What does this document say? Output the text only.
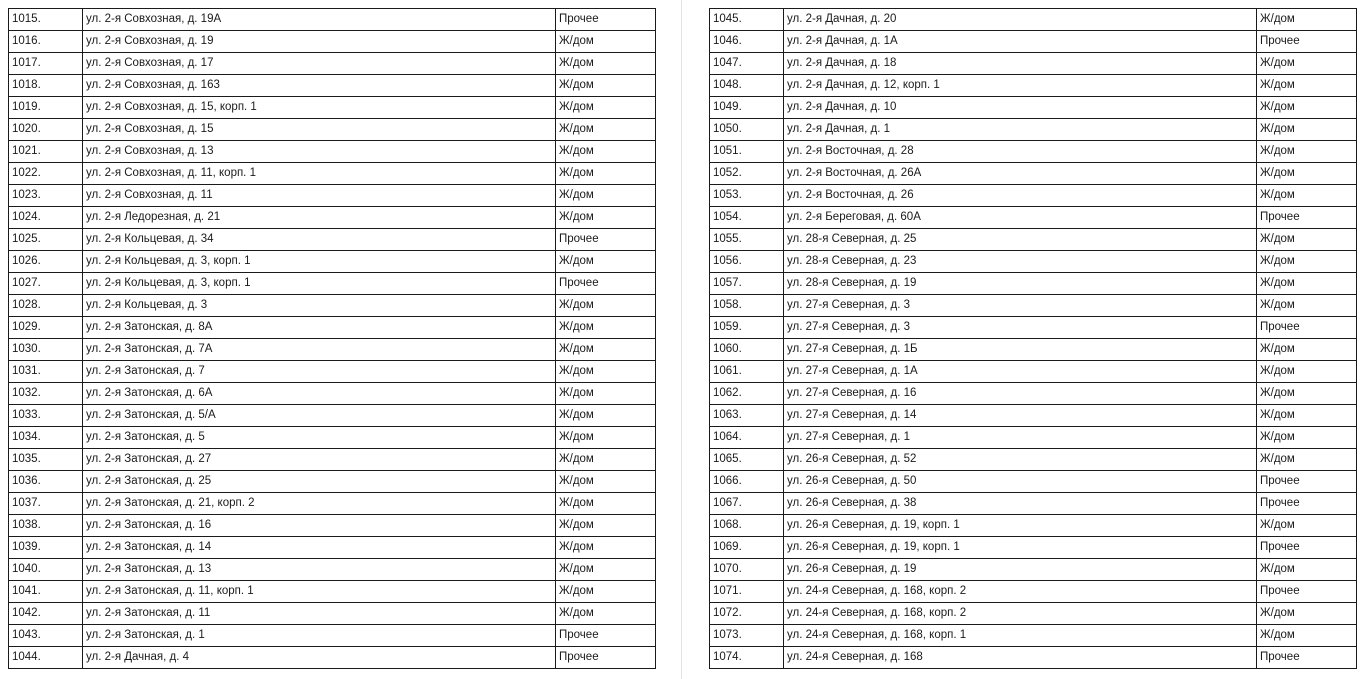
1015.	ул. 2-я Совхозная, д. 19А	Прочее
1016.	ул. 2-я Совхозная, д. 19	Ж/дом
1017.	ул. 2-я Совхозная, д. 17	Ж/дом
1018.	ул. 2-я Совхозная, д. 163	Ж/дом
1019.	ул. 2-я Совхозная, д. 15, корп. 1	Ж/дом
1020.	ул. 2-я Совхозная, д. 15	Ж/дом
1021.	ул. 2-я Совхозная, д. 13	Ж/дом
1022.	ул. 2-я Совхозная, д. 11, корп. 1	Ж/дом
1023.	ул. 2-я Совхозная, д. 11	Ж/дом
1024.	ул. 2-я Ледорезная, д. 21	Ж/дом
1025.	ул. 2-я Кольцевая, д. 34	Прочее
1026.	ул. 2-я Кольцевая, д. 3, корп. 1	Ж/дом
1027.	ул. 2-я Кольцевая, д. 3, корп. 1	Прочее
1028.	ул. 2-я Кольцевая, д. 3	Ж/дом
1029.	ул. 2-я Затонская, д. 8А	Ж/дом
1030.	ул. 2-я Затонская, д. 7А	Ж/дом
1031.	ул. 2-я Затонская, д. 7	Ж/дом
1032.	ул. 2-я Затонская, д. 6А	Ж/дом
1033.	ул. 2-я Затонская, д. 5/А	Ж/дом
1034.	ул. 2-я Затонская, д. 5	Ж/дом
1035.	ул. 2-я Затонская, д. 27	Ж/дом
1036.	ул. 2-я Затонская, д. 25	Ж/дом
1037.	ул. 2-я Затонская, д. 21, корп. 2	Ж/дом
1038.	ул. 2-я Затонская, д. 16	Ж/дом
1039.	ул. 2-я Затонская, д. 14	Ж/дом
1040.	ул. 2-я Затонская, д. 13	Ж/дом
1041.	ул. 2-я Затонская, д. 11, корп. 1	Ж/дом
1042.	ул. 2-я Затонская, д. 11	Ж/дом
1043.	ул. 2-я Затонская, д. 1	Прочее
1044.	ул. 2-я Дачная, д. 4	Прочее
1045.	ул. 2-я Дачная, д. 20	Ж/дом
1046.	ул. 2-я Дачная, д. 1А	Прочее
1047.	ул. 2-я Дачная, д. 18	Ж/дом
1048.	ул. 2-я Дачная, д. 12, корп. 1	Ж/дом
1049.	ул. 2-я Дачная, д. 10	Ж/дом
1050.	ул. 2-я Дачная, д. 1	Ж/дом
1051.	ул. 2-я Восточная, д. 28	Ж/дом
1052.	ул. 2-я Восточная, д. 26А	Ж/дом
1053.	ул. 2-я Восточная, д. 26	Ж/дом
1054.	ул. 2-я Береговая, д. 60А	Прочее
1055.	ул. 28-я Северная, д. 25	Ж/дом
1056.	ул. 28-я Северная, д. 23	Ж/дом
1057.	ул. 28-я Северная, д. 19	Ж/дом
1058.	ул. 27-я Северная, д. 3	Ж/дом
1059.	ул. 27-я Северная, д. 3	Прочее
1060.	ул. 27-я Северная, д. 1Б	Ж/дом
1061.	ул. 27-я Северная, д. 1А	Ж/дом
1062.	ул. 27-я Северная, д. 16	Ж/дом
1063.	ул. 27-я Северная, д. 14	Ж/дом
1064.	ул. 27-я Северная, д. 1	Ж/дом
1065.	ул. 26-я Северная, д. 52	Ж/дом
1066.	ул. 26-я Северная, д. 50	Прочее
1067.	ул. 26-я Северная, д. 38	Прочее
1068.	ул. 26-я Северная, д. 19, корп. 1	Ж/дом
1069.	ул. 26-я Северная, д. 19, корп. 1	Прочее
1070.	ул. 26-я Северная, д. 19	Ж/дом
1071.	ул. 24-я Северная, д. 168, корп. 2	Прочее
1072.	ул. 24-я Северная, д. 168, корп. 2	Ж/дом
1073.	ул. 24-я Северная, д. 168, корп. 1	Ж/дом
1074.	ул. 24-я Северная, д. 168	Прочее
